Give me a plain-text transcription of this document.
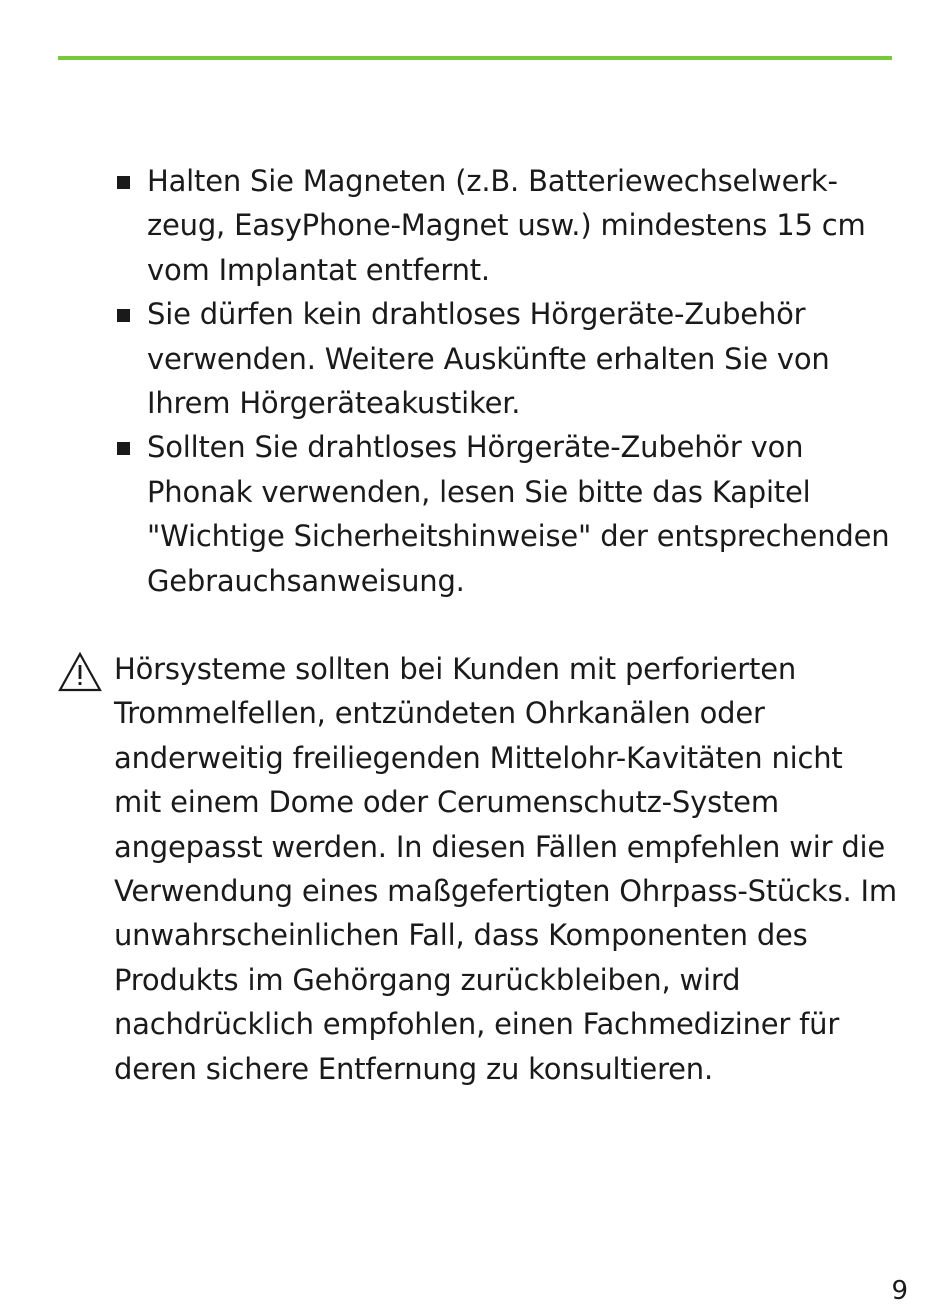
Halten Sie Magneten (z.B. Batteriewechselwerk-
zeug, EasyPhone-Magnet usw.) mindestens 15 cm
vom Implantat entfernt.
Sie dürfen kein drahtloses Hörgeräte-Zubehör
verwenden. Weitere Auskünfte erhalten Sie von
Ihrem Hörgeräteakustiker.
Sollten Sie drahtloses Hörgeräte-Zubehör von
Phonak verwenden, lesen Sie bitte das Kapitel
"Wichtige Sicherheitshinweise" der entsprechenden
Gebrauchsanweisung.
Hörsysteme sollten bei Kunden mit perforierten
Trommelfellen, entzündeten Ohrkanälen oder
anderweitig freiliegenden Mittelohr-Kavitäten nicht
mit einem Dome oder Cerumenschutz-System
angepasst werden. In diesen Fällen empfehlen wir die
Verwendung eines maßgefertigten Ohrpass-Stücks. Im
unwahrscheinlichen Fall, dass Komponenten des
Produkts im Gehörgang zurückbleiben, wird
nachdrücklich empfohlen, einen Fachmediziner für
deren sichere Entfernung zu konsultieren.
9
